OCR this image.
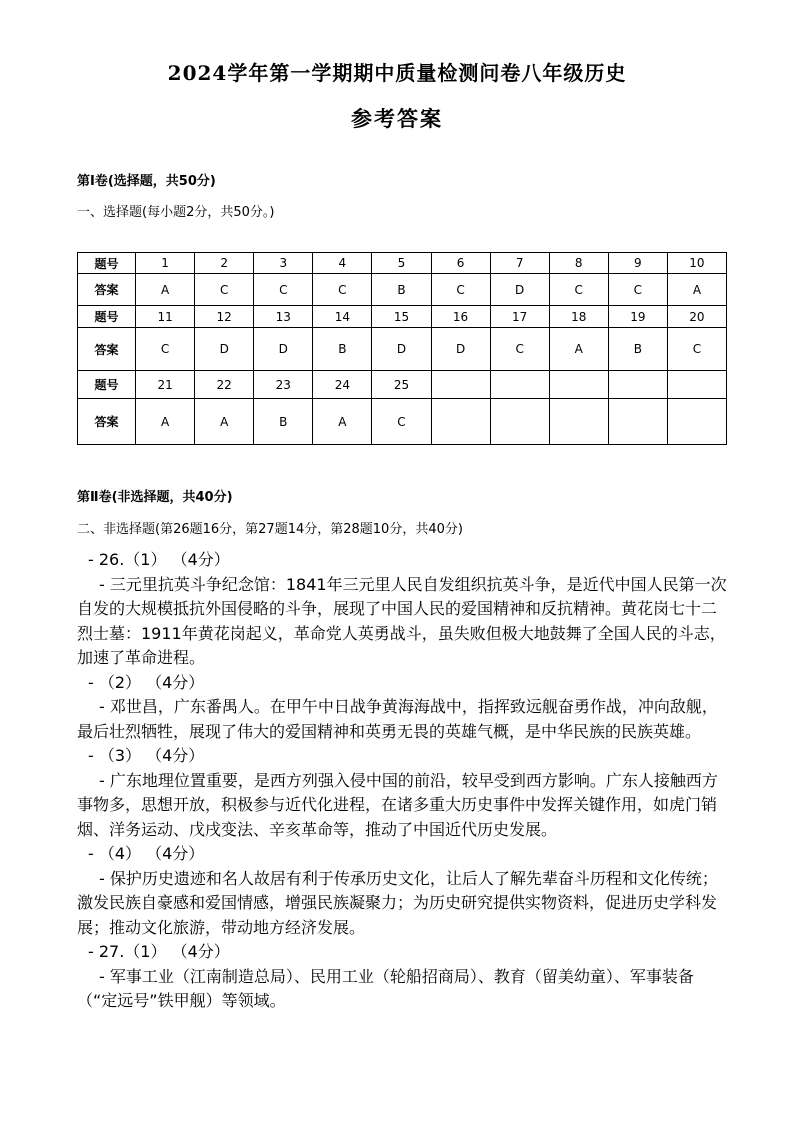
2024学年第一学期期中质量检测问卷八年级历史
参考答案
第Ⅰ卷(选择题，共50分)
一、选择题(每小题2分，共50分。)
题号	1	2	3	4	5	6	7	8	9	10
答案	A	C	C	C	B	C	D	C	C	A
题号	11	12	13	14	15	16	17	18	19	20
答案	C	D	D	B	D	D	C	A	B	C
题号	21	22	23	24	25					
答案	A	A	B	A	C					
第Ⅱ卷(非选择题，共40分)
二、非选择题(第26题16分，第27题14分，第28题10分，共40分)
- 26.（1） （4分）
- 三元里抗英斗争纪念馆：1841年三元里人民自发组织抗英斗争，是近代中国人民第一次自发的大规模抵抗外国侵略的斗争，展现了中国人民的爱国精神和反抗精神。黄花岗七十二烈士墓：1911年黄花岗起义，革命党人英勇战斗，虽失败但极大地鼓舞了全国人民的斗志，加速了革命进程。
- （2） （4分）
- 邓世昌，广东番禺人。在甲午中日战争黄海海战中，指挥致远舰奋勇作战，冲向敌舰，最后壮烈牺牲，展现了伟大的爱国精神和英勇无畏的英雄气概，是中华民族的民族英雄。
- （3） （4分）
- 广东地理位置重要，是西方列强入侵中国的前沿，较早受到西方影响。广东人接触西方事物多，思想开放，积极参与近代化进程，在诸多重大历史事件中发挥关键作用，如虎门销烟、洋务运动、戊戌变法、辛亥革命等，推动了中国近代历史发展。
- （4） （4分）
- 保护历史遗迹和名人故居有利于传承历史文化，让后人了解先辈奋斗历程和文化传统；激发民族自豪感和爱国情感，增强民族凝聚力；为历史研究提供实物资料，促进历史学科发展；推动文化旅游，带动地方经济发展。
- 27.（1） （4分）
- 军事工业（江南制造总局）、民用工业（轮船招商局）、教育（留美幼童）、军事装备（“定远号”铁甲舰）等领域。
